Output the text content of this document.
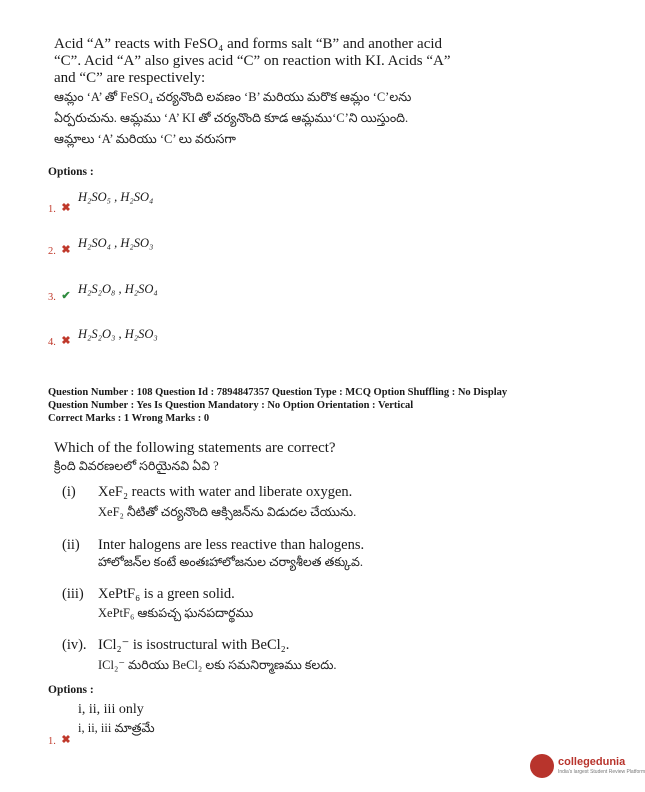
Acid “A” reacts with FeSO₄ and forms salt “B” and another acid
“C”. Acid “A” also gives acid “C” on reaction with KI. Acids “A”
and “C” are respectively:
ఆమ్లం ‘A’ తో FeSO₄ చర్యనొంది లవణం ‘B’ మరియు మరొక ఆమ్లం ‘C’లను
ఏర్పరుచును. ఆమ్లము ‘A’ KI తో చర్యనొంది కూడ ఆమ్లము‘C’ని యిస్తుంది.
ఆమ్లాలు ‘A’ మరియు ‘C’ లు వరుసగా
Options :
H₂SO₅ , H₂SO₄
1. ✖
H₂SO₄ , H₂SO₃
2. ✖
H₂S₂O₈ , H₂SO₄
3. ✔
H₂S₂O₃ , H₂SO₃
4. ✖
Question Number : 108 Question Id : 7894847357 Question Type : MCQ Option Shuffling : No Display
Question Number : Yes Is Question Mandatory : No Option Orientation : Vertical
Correct Marks : 1 Wrong Marks : 0
Which of the following statements are correct?
క్రింది వివరణలలో సరియైనవి ఏవి ?
(i) XeF₂ reacts with water and liberate oxygen.
XeF₂ నీటితో చర్యనొంది ఆక్సిజన్‌ను విడుదల చేయును.
(ii) Inter halogens are less reactive than halogens.
హాలోజన్‌ల కంటే అంతఃహాలోజనుల చర్యాశీలత తక్కువ.
(iii) XePtF₆ is a green solid.
XePtF₆ ఆకుపచ్చ ఘనపదార్థము
(iv). ICl₂⁻ is isostructural with BeCl₂.
ICl₂⁻ మరియు BeCl₂ లకు సమనిర్మాణము కలదు.
Options :
i, ii, iii only
i, ii, iii మాత్రమే
1. ✖
collegedunia
India's largest Student Review Platform
